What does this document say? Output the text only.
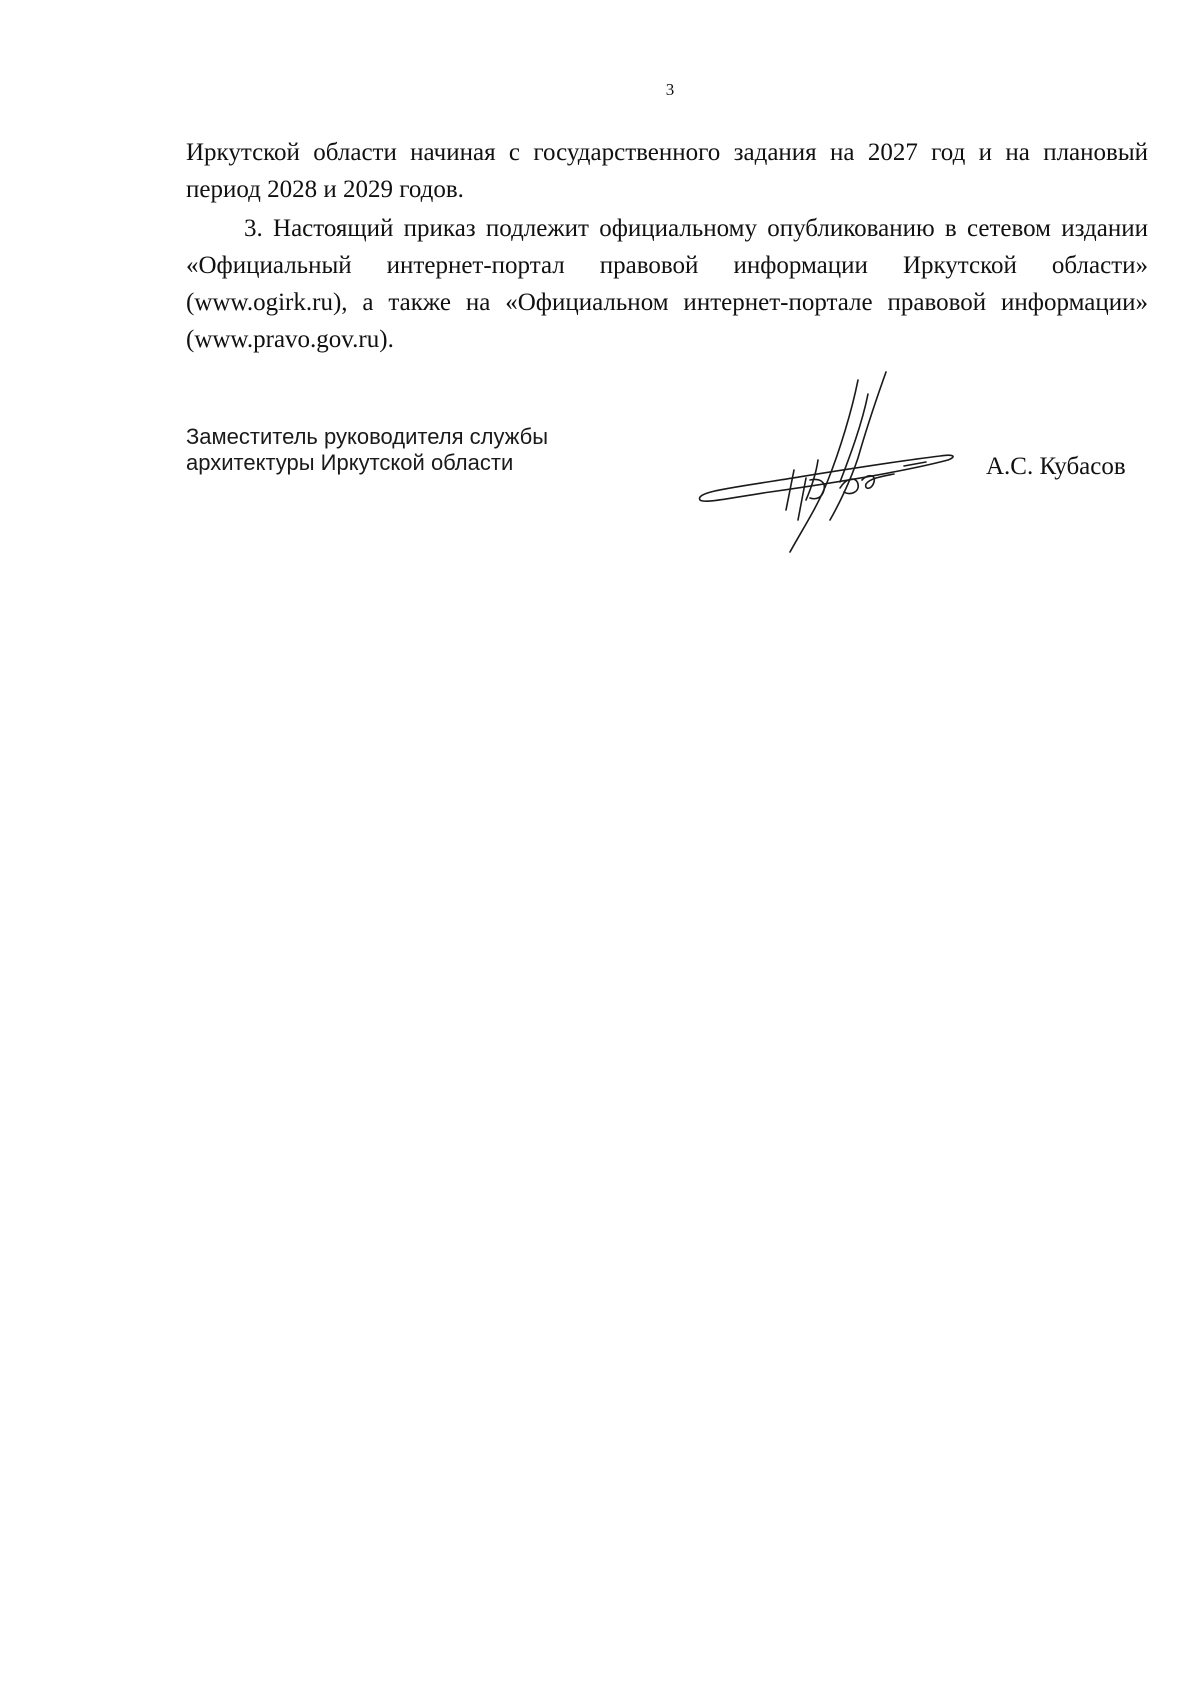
3

Иркутской области начиная с государственного задания на 2027 год и на плановый период 2028 и 2029 годов.

3. Настоящий приказ подлежит официальному опубликованию в сетевом издании «Официальный интернет-портал правовой информации Иркутской области» (www.ogirk.ru), а также на «Официальном интернет-портале правовой информации» (www.pravo.gov.ru).

Заместитель руководителя службы
архитектуры Иркутской области	А.С. Кубасов
